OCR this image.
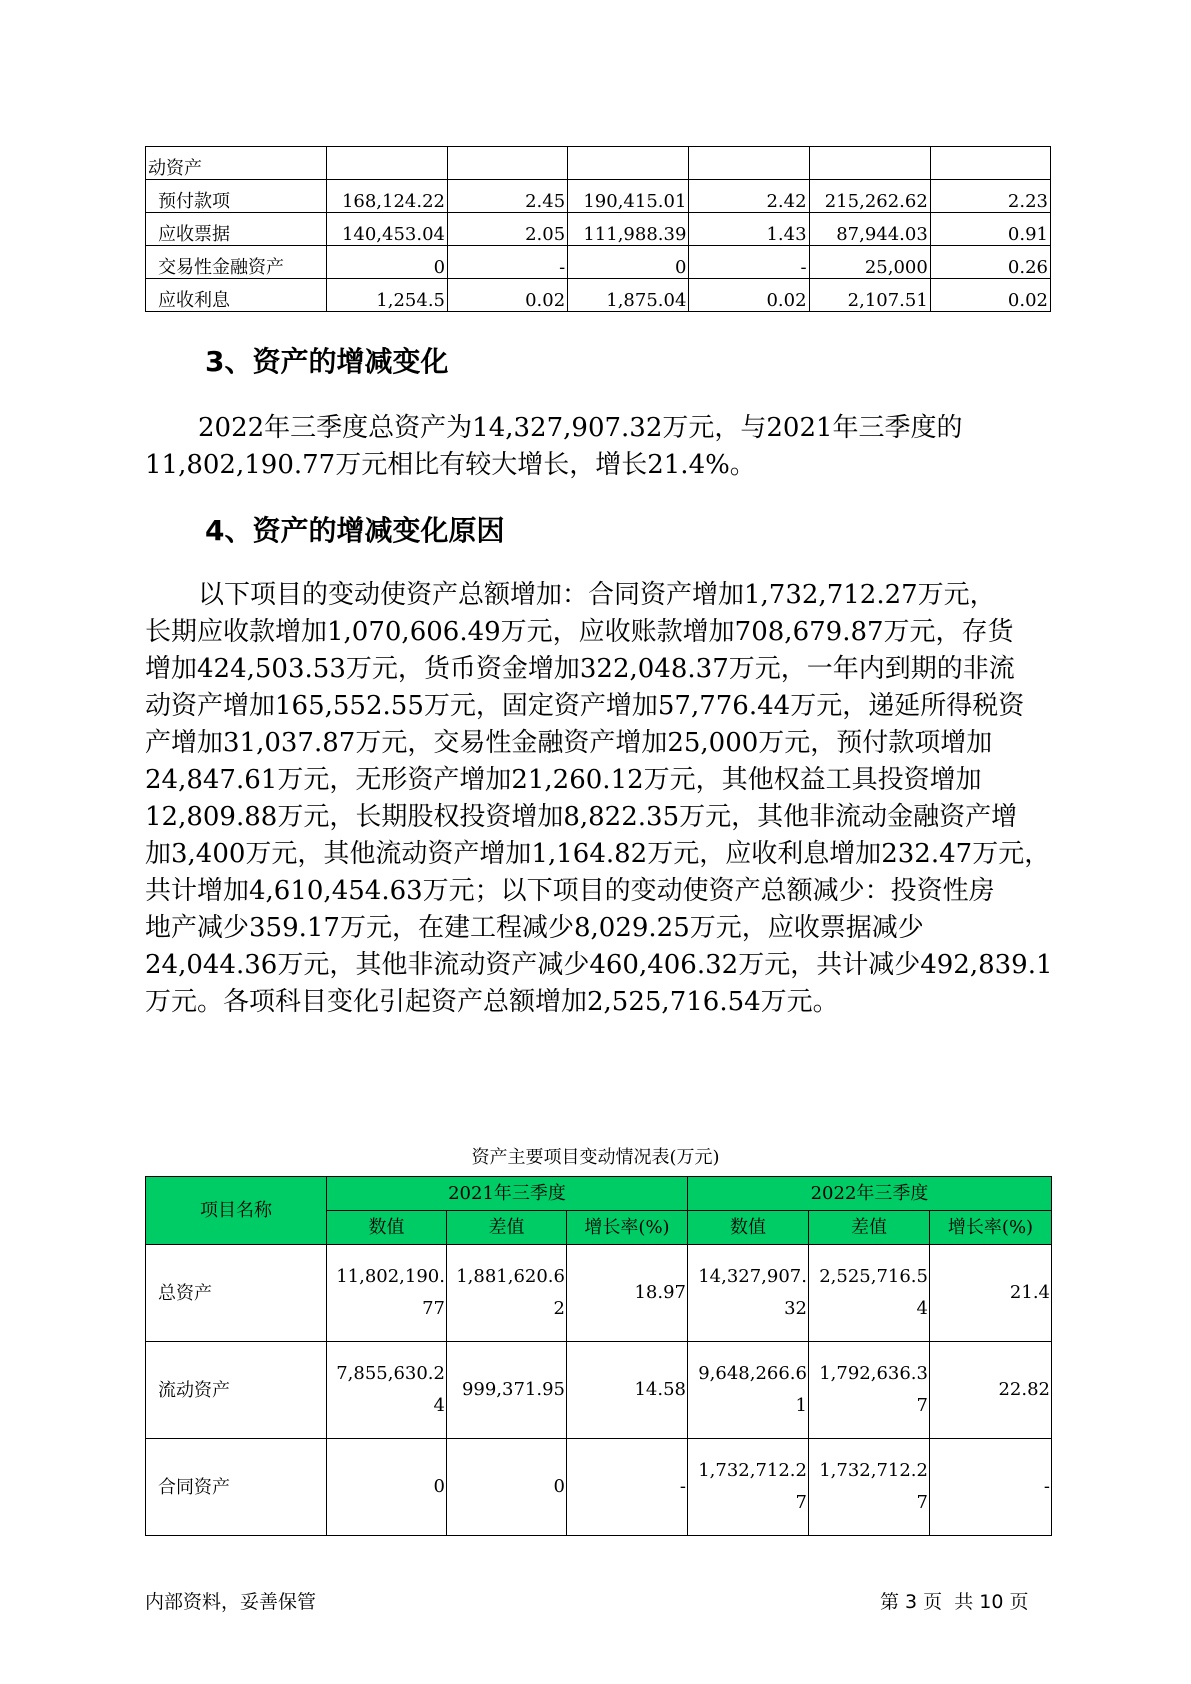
动资产						
预付款项	168,124.22	2.45	190,415.01	2.42	215,262.62	2.23
应收票据	140,453.04	2.05	111,988.39	1.43	87,944.03	0.91
交易性金融资产	0	-	0	-	25,000	0.26
应收利息	1,254.5	0.02	1,875.04	0.02	2,107.51	0.02
3、资产的增减变化
2022年三季度总资产为14,327,907.32万元，与2021年三季度的
11,802,190.77万元相比有较大增长，增长21.4%。
4、资产的增减变化原因
以下项目的变动使资产总额增加：合同资产增加1,732,712.27万元，
长期应收款增加1,070,606.49万元，应收账款增加708,679.87万元，存货
增加424,503.53万元，货币资金增加322,048.37万元，一年内到期的非流
动资产增加165,552.55万元，固定资产增加57,776.44万元，递延所得税资
产增加31,037.87万元，交易性金融资产增加25,000万元，预付款项增加
24,847.61万元，无形资产增加21,260.12万元，其他权益工具投资增加
12,809.88万元，长期股权投资增加8,822.35万元，其他非流动金融资产增
加3,400万元，其他流动资产增加1,164.82万元，应收利息增加232.47万元，
共计增加4,610,454.63万元；以下项目的变动使资产总额减少：投资性房
地产减少359.17万元，在建工程减少8,029.25万元，应收票据减少
24,044.36万元，其他非流动资产减少460,406.32万元，共计减少492,839.1
万元。各项科目变化引起资产总额增加2,525,716.54万元。
资产主要项目变动情况表(万元)
项目名称	2021年三季度			2022年三季度		
	数值	差值	增长率(%)	数值	差值	增长率(%)
总资产	11,802,190.77	1,881,620.62	18.97	14,327,907.32	2,525,716.54	21.4
流动资产	7,855,630.24	999,371.95	14.58	9,648,266.61	1,792,636.37	22.82
合同资产	0	0	-	1,732,712.27	1,732,712.27	-
内部资料，妥善保管	第 3 页  共 10 页
